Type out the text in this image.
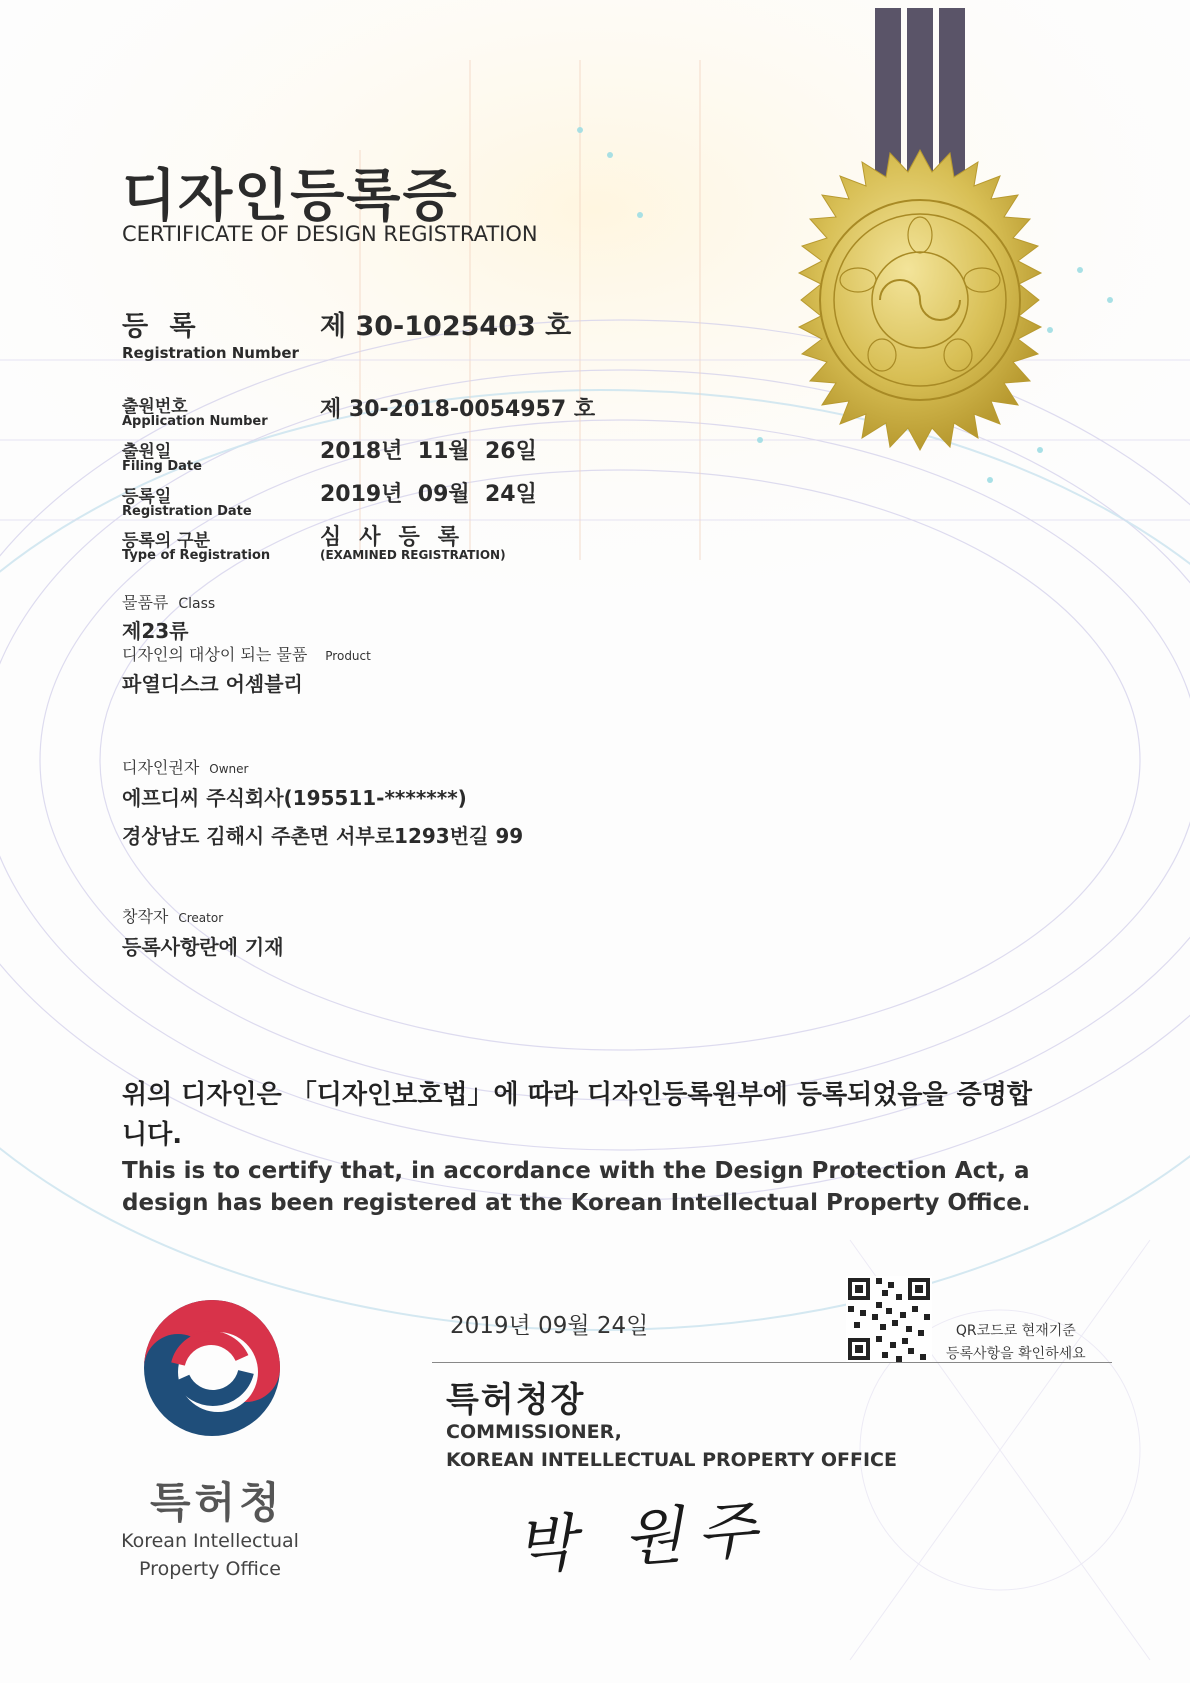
디자인등록증
CERTIFICATE OF DESIGN REGISTRATION
등 록
Registration Number
제 30-1025403 호
출원번호
Application Number 제 30-2018-0054957 호
출원일
Filing Date
2018년  11월  26일
등록일
Registration Date
2019년  09월  24일
등록의 구분
Type of Registration
심사등록
(EXAMINED REGISTRATION)
물품류 Class
제23류
디자인의 대상이 되는 물품 Product
파열디스크 어셈블리
디자인권자 Owner
에프디씨 주식회사(195511-*******)
경상남도 김해시 주촌면 서부로1293번길 99
창작자 Creator
등록사항란에 기재
위의 디자인은 「디자인보호법」에 따라 디자인등록원부에 등록되었음을 증명합니다.
This is to certify that, in accordance with the Design Protection Act, a design has been registered at the Korean Intellectual Property Office.
2019년 09월 24일	QR코드로 현재기준
등록사항을 확인하세요
특허청장
COMMISSIONER,
KOREAN INTELLECTUAL PROPERTY OFFICE
박 원주
특허청
Korean Intellectual Property Office
